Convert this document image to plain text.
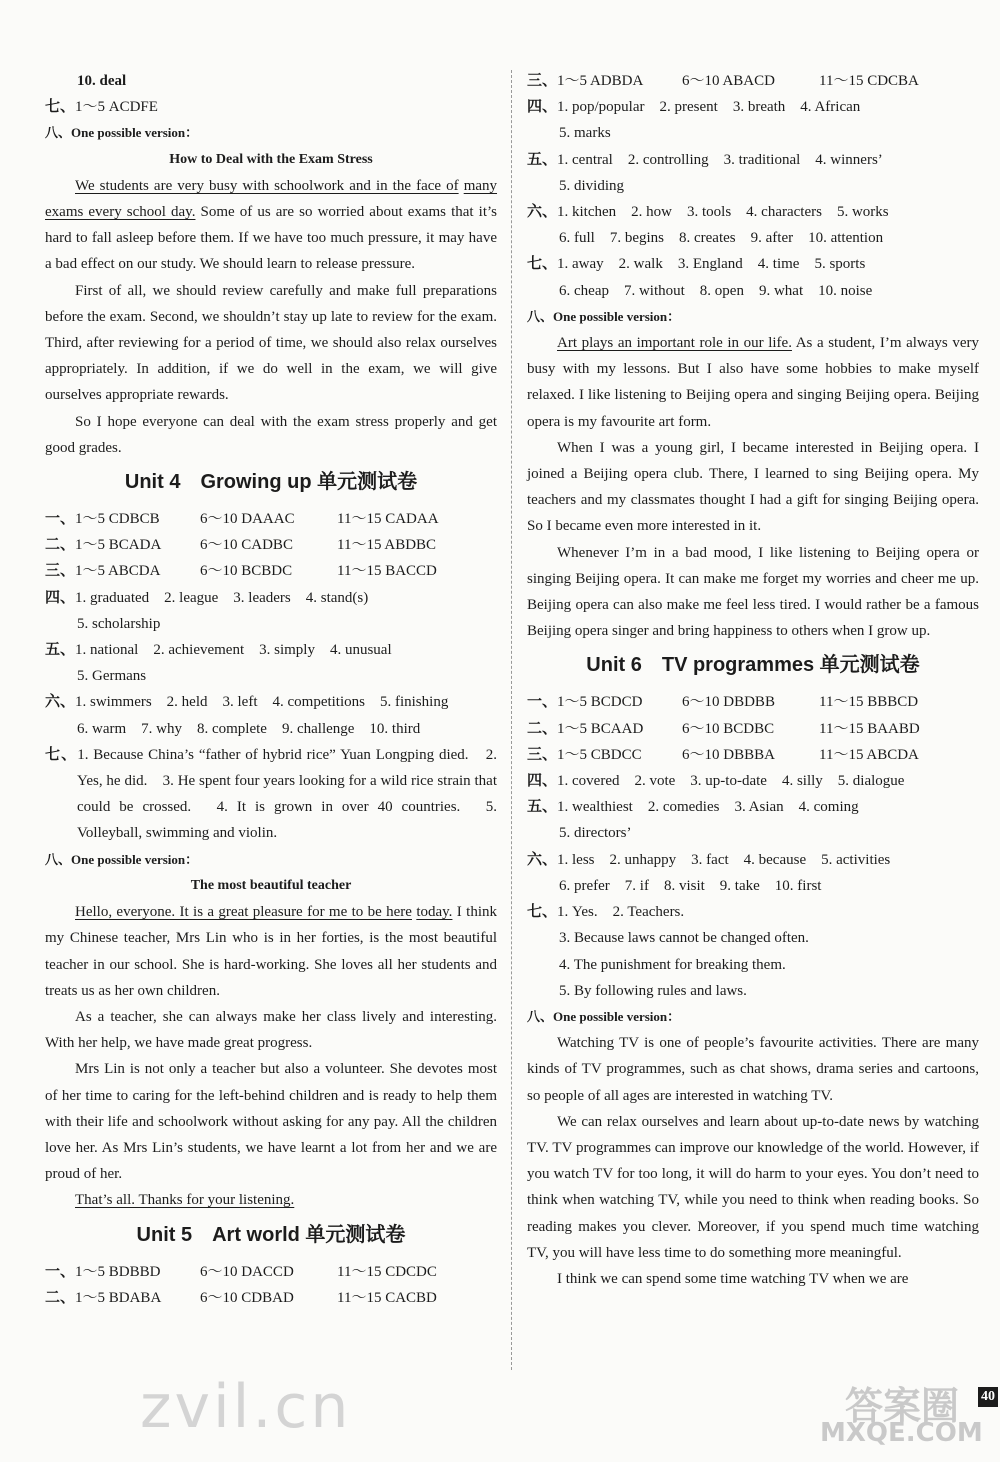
10. deal
七、1～5 ACDFE
八、One possible version：
How to Deal with the Exam Stress
We students are very busy with schoolwork and in the face of many exams every school day. Some of us are so worried about exams that it’s hard to fall asleep before them. If we have too much pressure, it may have a bad effect on our study. We should learn to release pressure.
First of all, we should review carefully and make full preparations before the exam. Second, we shouldn’t stay up late to review for the exam. Third, after reviewing for a period of time, we should also relax ourselves appropriately. In addition, if we do well in the exam, we will give ourselves appropriate rewards.
So I hope everyone can deal with the exam stress properly and get good grades.
Unit 4　Growing up 单元测试卷
一、1～5 CDBCB	6～10 DAAAC	11～15 CADAA
二、1～5 BCADA	6～10 CADBC	11～15 ABDBC
三、1～5 ABCDA	6～10 BCBDC	11～15 BACCD
四、1. graduated　2. league　3. leaders　4. stand(s)
5. scholarship
五、1. national　2. achievement　3. simply　4. unusual
5. Germans
六、1. swimmers　2. held　3. left　4. competitions　5. finishing
6. warm　7. why　8. complete　9. challenge　10. third
七、1. Because China’s “father of hybrid rice” Yuan Longping died.　2. Yes, he did.　3. He spent four years looking for a wild rice strain that could be crossed.　4. It is grown in over 40 countries.　5. Volleyball, swimming and violin.
八、One possible version：
The most beautiful teacher
Hello, everyone. It is a great pleasure for me to be here today. I think my Chinese teacher, Mrs Lin who is in her forties, is the most beautiful teacher in our school. She is hard-working. She loves all her students and treats us as her own children.
As a teacher, she can always make her class lively and interesting. With her help, we have made great progress.
Mrs Lin is not only a teacher but also a volunteer. She devotes most of her time to caring for the left-behind children and is ready to help them with their life and schoolwork without asking for any pay. All the children love her. As Mrs Lin’s students, we have learnt a lot from her and we are proud of her.
That’s all. Thanks for your listening.
Unit 5　Art world 单元测试卷
一、1～5 BDBBD	6～10 DACCD	11～15 CDCDC
二、1～5 BDABA	6～10 CDBAD	11～15 CACBD
三、1～5 ADBDA	6～10 ABACD	11～15 CDCBA
四、1. pop/popular　2. present　3. breath　4. African
5. marks
五、1. central　2. controlling　3. traditional　4. winners’
5. dividing
六、1. kitchen　2. how　3. tools　4. characters　5. works
6. full　7. begins　8. creates　9. after　10. attention
七、1. away　2. walk　3. England　4. time　5. sports
6. cheap　7. without　8. open　9. what　10. noise
八、One possible version：
Art plays an important role in our life. As a student, I’m always very busy with my lessons. But I also have some hobbies to make myself relaxed. I like listening to Beijing opera and singing Beijing opera. Beijing opera is my favourite art form.
When I was a young girl, I became interested in Beijing opera. I joined a Beijing opera club. There, I learned to sing Beijing opera. My teachers and my classmates thought I had a gift for singing Beijing opera. So I became even more interested in it.
Whenever I’m in a bad mood, I like listening to Beijing opera or singing Beijing opera. It can make me forget my worries and cheer me up. Beijing opera can also make me feel less tired. I would rather be a famous Beijing opera singer and bring happiness to others when I grow up.
Unit 6　TV programmes 单元测试卷
一、1～5 BCDCD	6～10 DBDBB	11～15 BBBCD
二、1～5 BCAAD	6～10 BCDBC	11～15 BAABD
三、1～5 CBDCC	6～10 DBBBA	11～15 ABCDA
四、1. covered　2. vote　3. up-to-date　4. silly　5. dialogue
五、1. wealthiest　2. comedies　3. Asian　4. coming
5. directors’
六、1. less　2. unhappy　3. fact　4. because　5. activities
6. prefer　7. if　8. visit　9. take　10. first
七、1. Yes.　2. Teachers.
3. Because laws cannot be changed often.
4. The punishment for breaking them.
5. By following rules and laws.
八、One possible version：
Watching TV is one of people’s favourite activities. There are many kinds of TV programmes, such as chat shows, drama series and cartoons, so people of all ages are interested in watching TV.
We can relax ourselves and learn about up-to-date news by watching TV. TV programmes can improve our knowledge of the world. However, if you watch TV for too long, it will do harm to your eyes. You don’t need to think when watching TV, while you need to think when reading books. So reading makes you clever. Moreover, if you spend much time watching TV, you will have less time to do something more meaningful.
I think we can spend some time watching TV when we are
zvil.cn	答案圈
MXQE.COM
40
